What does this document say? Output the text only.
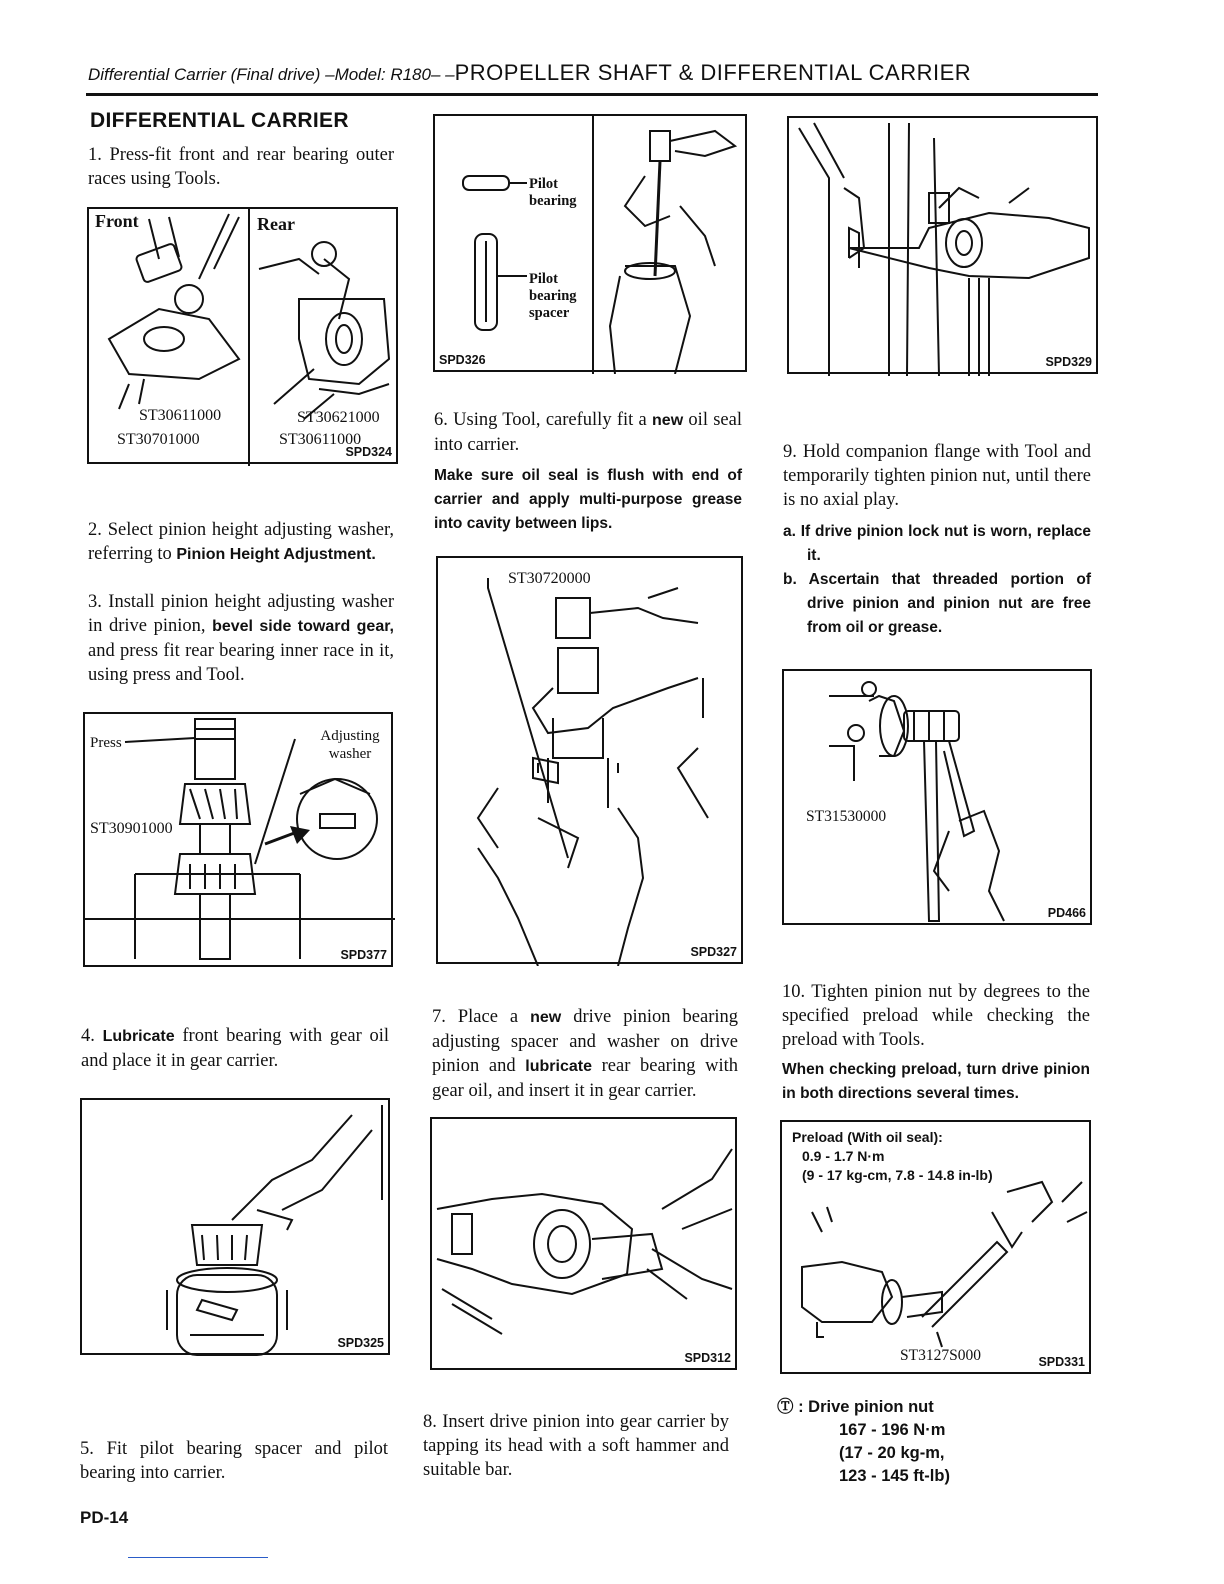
Differential Carrier (Final drive) –Model: R180– –PROPELLER SHAFT & DIFFERENTIAL CARRIER
DIFFERENTIAL CARRIER
1. Press-fit front and rear bearing outer races using Tools.
Front	Rear
ST30611000
ST30701000
ST30621000
ST30611000
SPD324
2. Select pinion height adjusting washer, referring to Pinion Height Adjustment.
3. Install pinion height adjusting washer in drive pinion, bevel side toward gear, and press fit rear bearing inner race in it, using press and Tool.
Press	Adjusting washer
ST30901000
SPD377
4. Lubricate front bearing with gear oil and place it in gear carrier.
SPD325
5. Fit pilot bearing spacer and pilot bearing into carrier.
Pilot bearing
Pilot bearing spacer
SPD326
6. Using Tool, carefully fit a new oil seal into carrier.
Make sure oil seal is flush with end of carrier and apply multi-purpose grease into cavity between lips.
ST30720000
SPD327
7. Place a new drive pinion bearing adjusting spacer and washer on drive pinion and lubricate rear bearing with gear oil, and insert it in gear carrier.
SPD312
8. Insert drive pinion into gear carrier by tapping its head with a soft hammer and suitable bar.
SPD329
9. Hold companion flange with Tool and temporarily tighten pinion nut, until there is no axial play.
a. If drive pinion lock nut is worn, replace it.
b. Ascertain that threaded portion of drive pinion and pinion nut are free from oil or grease.
ST31530000
PD466
10. Tighten pinion nut by degrees to the specified preload while checking the preload with Tools.
When checking preload, turn drive pinion in both directions several times.
Preload (With oil seal):
0.9 - 1.7 N·m
(9 - 17 kg-cm, 7.8 - 14.8 in-lb)
ST3127S000	SPD331
Ⓣ : Drive pinion nut
167 - 196 N·m
(17 - 20 kg-m,
123 - 145 ft-lb)
PD-14
